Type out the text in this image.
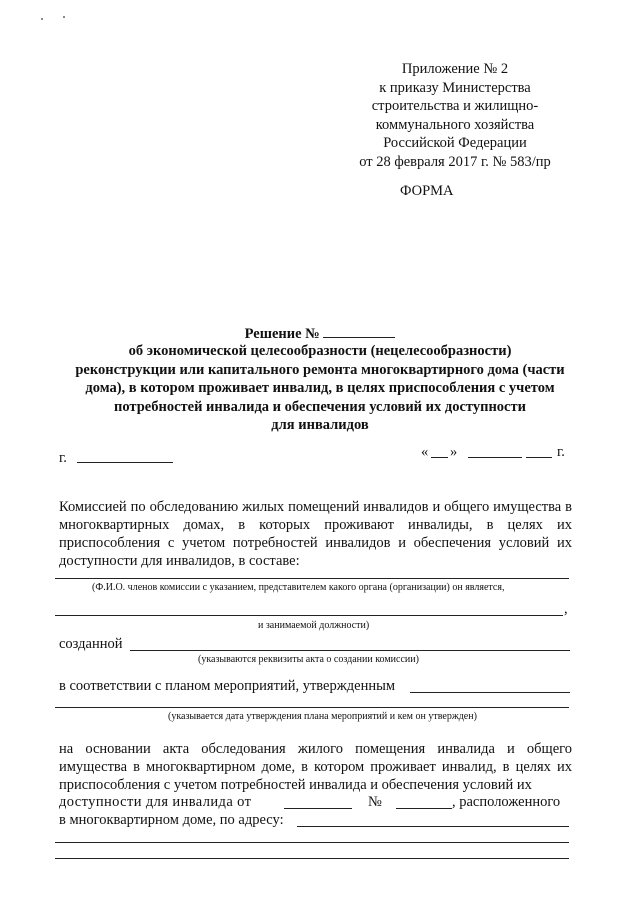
Приложение № 2
к приказу Министерства
строительства и жилищно-
коммунального хозяйства
Российской Федерации
от 28 февраля 2017 г. № 583/пр
ФОРМА
Решение №
об экономической целесообразности (нецелесообразности)
реконструкции или капитального ремонта многоквартирного дома (части
дома), в котором проживает инвалид, в целях приспособления с учетом
потребностей инвалида и обеспечения условий их доступности
для инвалидов
г.	« »	г.
Комиссией по обследованию жилых помещений инвалидов и общего имущества в многоквартирных домах, в которых проживают инвалиды, в целях их приспособления с учетом потребностей инвалидов и обеспечения условий их доступности для инвалидов, в составе:
(Ф.И.О. членов комиссии с указанием, представителем какого органа (организации) он является,
,
и занимаемой должности)
созданной
(указываются реквизиты акта о создании комиссии)
в соответствии с планом мероприятий, утвержденным
(указывается дата утверждения плана мероприятий и кем он утвержден)
на основании акта обследования жилого помещения инвалида и общего имущества в многоквартирном доме, в котором проживает инвалид, в целях их приспособления с учетом потребностей инвалида и обеспечения условий их
доступности для инвалида от	№	, расположенного
в многоквартирном доме, по адресу:
